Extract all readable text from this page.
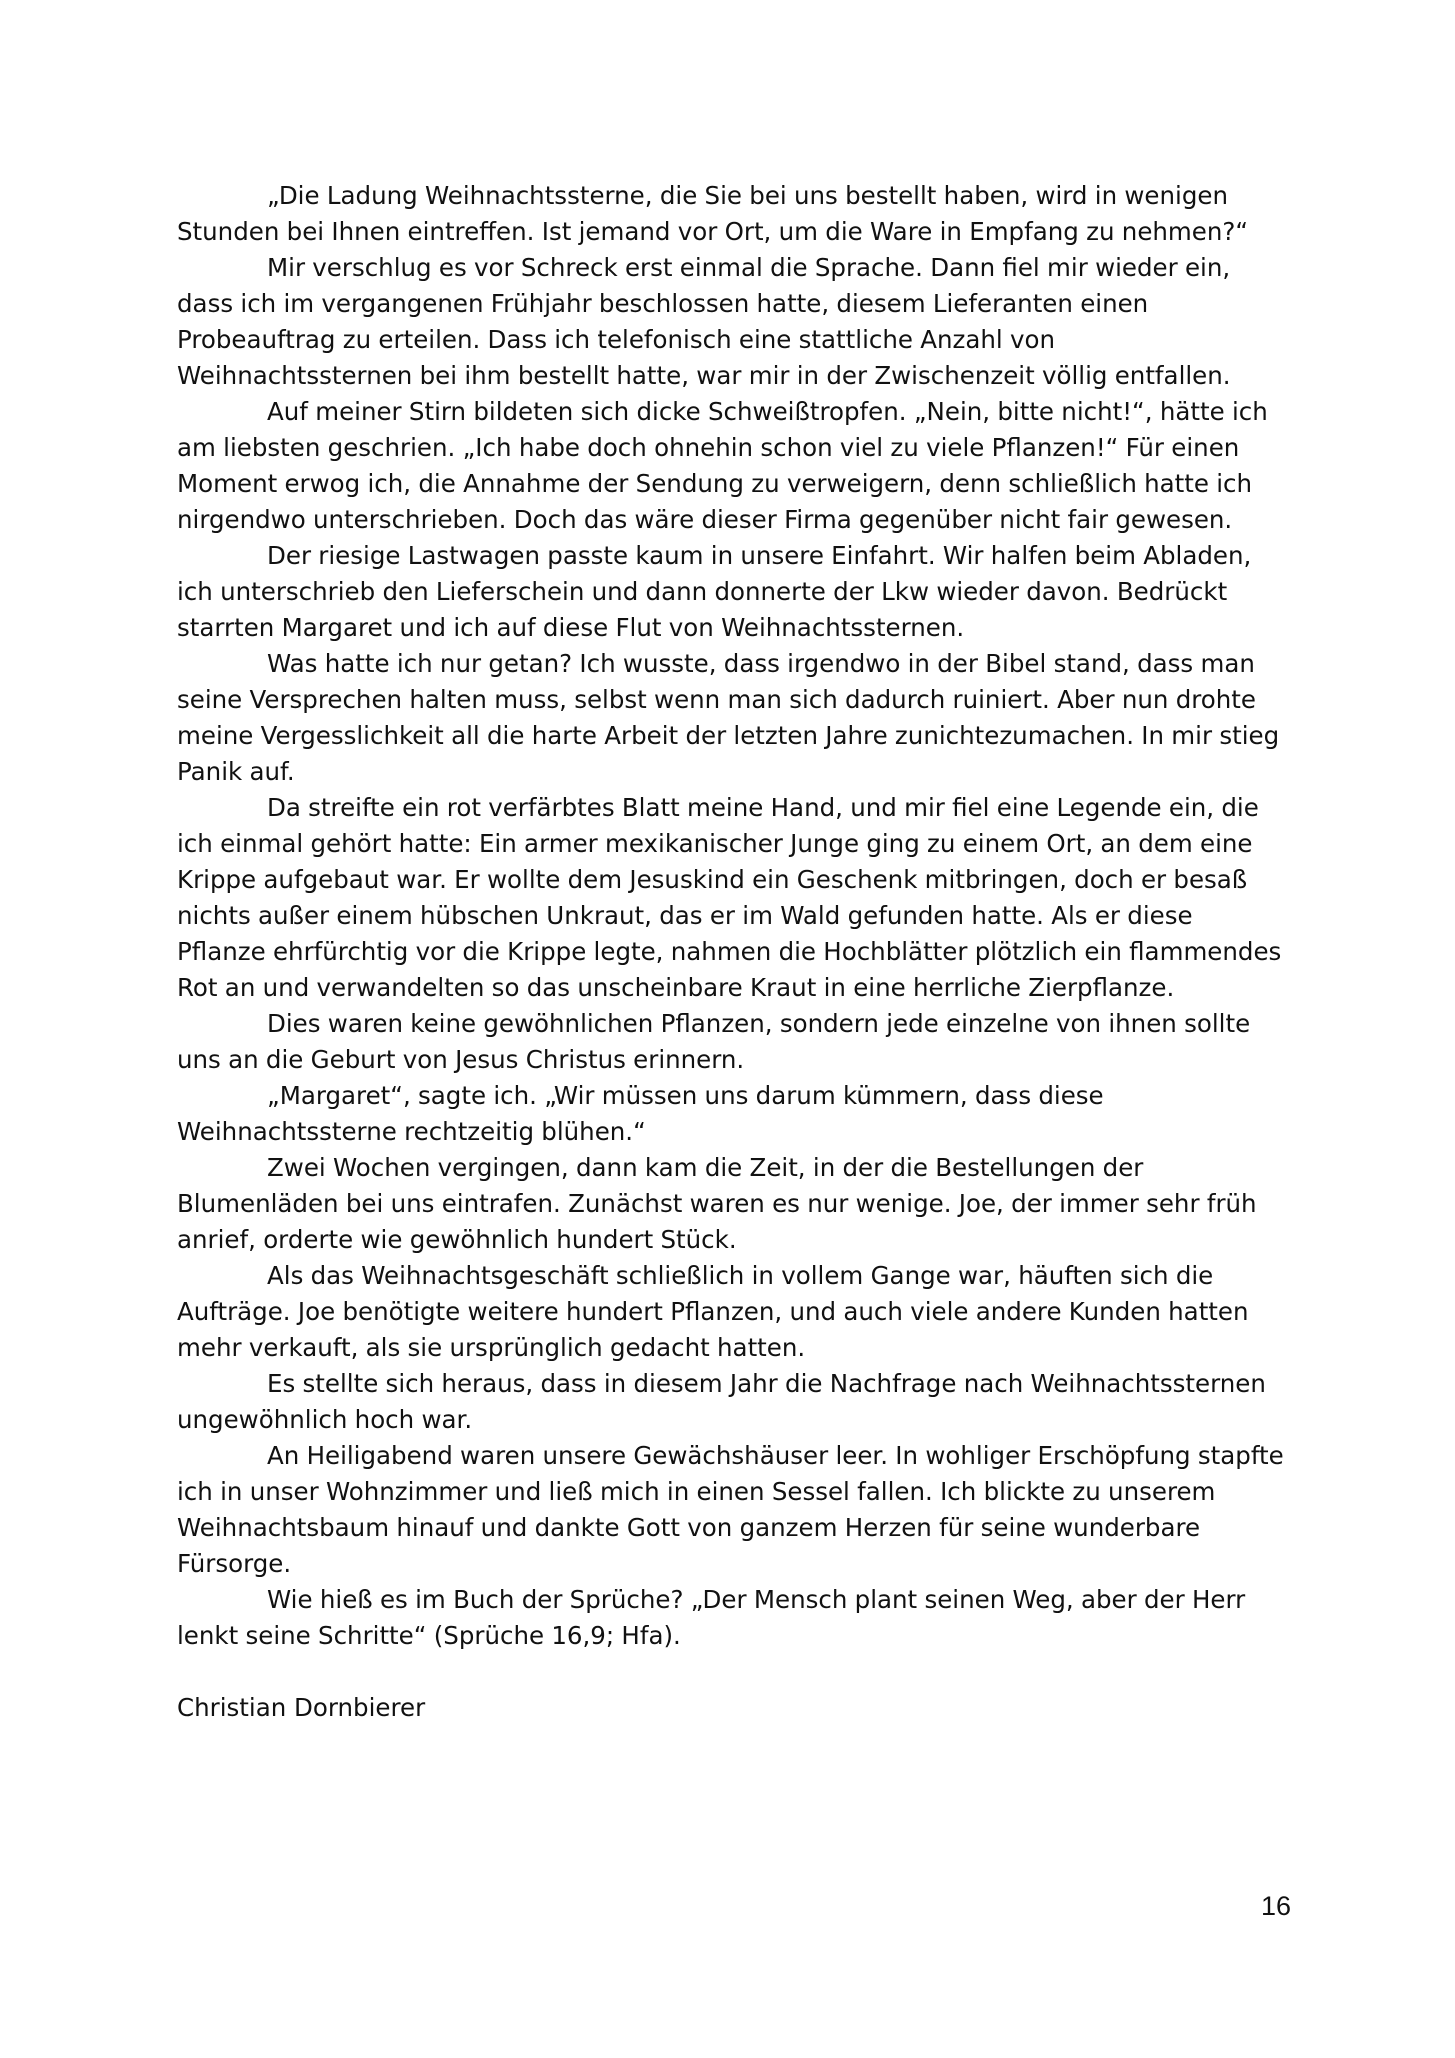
„Die Ladung Weihnachtssterne, die Sie bei uns bestellt haben, wird in wenigen Stunden bei Ihnen eintreffen. Ist jemand vor Ort, um die Ware in Empfang zu nehmen?“

Mir verschlug es vor Schreck erst einmal die Sprache. Dann fiel mir wieder ein, dass ich im vergangenen Frühjahr beschlossen hatte, diesem Lieferanten einen Probeauftrag zu erteilen. Dass ich telefonisch eine stattliche Anzahl von Weihnachtssternen bei ihm bestellt hatte, war mir in der Zwischenzeit völlig entfallen.

Auf meiner Stirn bildeten sich dicke Schweißtropfen. „Nein, bitte nicht!“, hätte ich am liebsten geschrien. „Ich habe doch ohnehin schon viel zu viele Pflanzen!“ Für einen Moment erwog ich, die Annahme der Sendung zu verweigern, denn schließlich hatte ich nirgendwo unterschrieben. Doch das wäre dieser Firma gegenüber nicht fair gewesen.

Der riesige Lastwagen passte kaum in unsere Einfahrt. Wir halfen beim Abladen, ich unterschrieb den Lieferschein und dann donnerte der Lkw wieder davon. Bedrückt starrten Margaret und ich auf diese Flut von Weihnachtssternen.

Was hatte ich nur getan? Ich wusste, dass irgendwo in der Bibel stand, dass man seine Versprechen halten muss, selbst wenn man sich dadurch ruiniert. Aber nun drohte meine Vergesslichkeit all die harte Arbeit der letzten Jahre zunichtezumachen. In mir stieg Panik auf.

Da streifte ein rot verfärbtes Blatt meine Hand, und mir fiel eine Legende ein, die ich einmal gehört hatte: Ein armer mexikanischer Junge ging zu einem Ort, an dem eine Krippe aufgebaut war. Er wollte dem Jesuskind ein Geschenk mitbringen, doch er besaß nichts außer einem hübschen Unkraut, das er im Wald gefunden hatte. Als er diese Pflanze ehrfürchtig vor die Krippe legte, nahmen die Hochblätter plötzlich ein flammendes Rot an und verwandelten so das unscheinbare Kraut in eine herrliche Zierpflanze.

Dies waren keine gewöhnlichen Pflanzen, sondern jede einzelne von ihnen sollte uns an die Geburt von Jesus Christus erinnern.

„Margaret“, sagte ich. „Wir müssen uns darum kümmern, dass diese Weihnachtssterne rechtzeitig blühen.“

Zwei Wochen vergingen, dann kam die Zeit, in der die Bestellungen der Blumenläden bei uns eintrafen. Zunächst waren es nur wenige. Joe, der immer sehr früh anrief, orderte wie gewöhnlich hundert Stück.

Als das Weihnachtsgeschäft schließlich in vollem Gange war, häuften sich die Aufträge. Joe benötigte weitere hundert Pflanzen, und auch viele andere Kunden hatten mehr verkauft, als sie ursprünglich gedacht hatten.

Es stellte sich heraus, dass in diesem Jahr die Nachfrage nach Weihnachtssternen ungewöhnlich hoch war.

An Heiligabend waren unsere Gewächshäuser leer. In wohliger Erschöpfung stapfte ich in unser Wohnzimmer und ließ mich in einen Sessel fallen. Ich blickte zu unserem Weihnachtsbaum hinauf und dankte Gott von ganzem Herzen für seine wunderbare Fürsorge.

Wie hieß es im Buch der Sprüche? „Der Mensch plant seinen Weg, aber der Herr lenkt seine Schritte“ (Sprüche 16,9; Hfa).

Christian Dornbierer

16
